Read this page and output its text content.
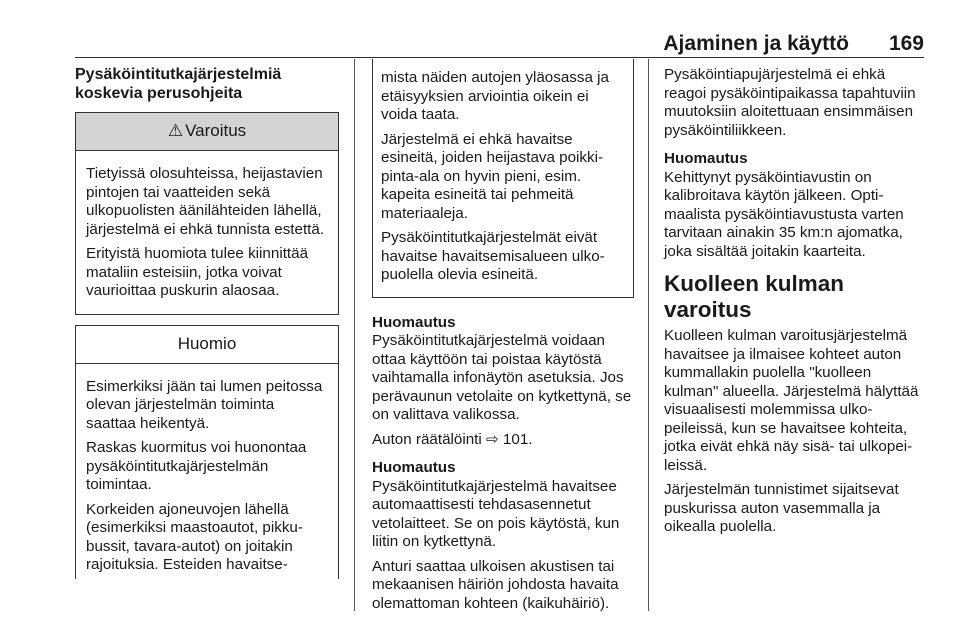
Ajaminen ja käyttö 169
Pysäköintitutkajärjestelmiä koskevia perusohjeita
⚠ Varoitus

Tietyissä olosuhteissa, heijastavien pintojen tai vaatteiden sekä ulkopuolisten äänilähteiden lähellä, järjestelmä ei ehkä tunnista estettä.

Erityistä huomiota tulee kiinnittää mataliin esteisiin, jotka voivat vaurioittaa puskurin alaosaa.

Huomio

Esimerkiksi jään tai lumen peitossa olevan järjestelmän toiminta saattaa heikentyä.

Raskas kuormitus voi huonontaa pysäköintitutkajärjestelmän toimintaa.

Korkeiden ajoneuvojen lähellä (esimerkiksi maastoautot, pikkubussit, tavara-autot) on joitakin rajoituksia. Esteiden havaitse‐

mista näiden autojen yläosassa ja etäisyyksien arviointia oikein ei voida taata.

Järjestelmä ei ehkä havaitse esineitä, joiden heijastava poikkipinta-ala on hyvin pieni, esim. kapeita esineitä tai pehmeitä materiaaleja.

Pysäköintitutkajärjestelmät eivät havaitse havaitsemisalueen ulkopuolella olevia esineitä.

Huomautus

Pysäköintitutkajärjestelmä voidaan ottaa käyttöön tai poistaa käytöstä vaihtamalla infonäytön asetuksia. Jos perävaunun vetolaite on kytkettynä, se on valittava valikossa.

Auton räätälöinti ⇨ 101.

Huomautus

Pysäköintitutkajärjestelmä havaitsee automaattisesti tehdasasennetut vetolaitteet. Se on pois käytöstä, kun liitin on kytkettynä.

Anturi saattaa ulkoisen akustisen tai mekaanisen häiriön johdosta havaita olemattoman kohteen (kaikuhäiriö).

Pysäköintiapujärjestelmä ei ehkä reagoi pysäköintipaikassa tapahtuviin muutoksiin aloitettuaan ensimmäisen pysäköintiliikkeen.

Huomautus

Kehittynyt pysäköintiavustin on kalibroitava käytön jälkeen. Optimaalista pysäköintiavustusta varten tarvitaan ainakin 35 km:n ajomatka, joka sisältää joitakin kaarteita.

Kuolleen kulman varoitus

Kuolleen kulman varoitusjärjestelmä havaitsee ja ilmaisee kohteet auton kummallakin puolella "kuolleen kulman" alueella. Järjestelmä hälyttää visuaalisesti molemmissa ulkopeileissä, kun se havaitsee kohteita, jotka eivät ehkä näy sisä- tai ulkopeileissä.

Järjestelmän tunnistimet sijaitsevat puskurissa auton vasemmalla ja oikealla puolella.
